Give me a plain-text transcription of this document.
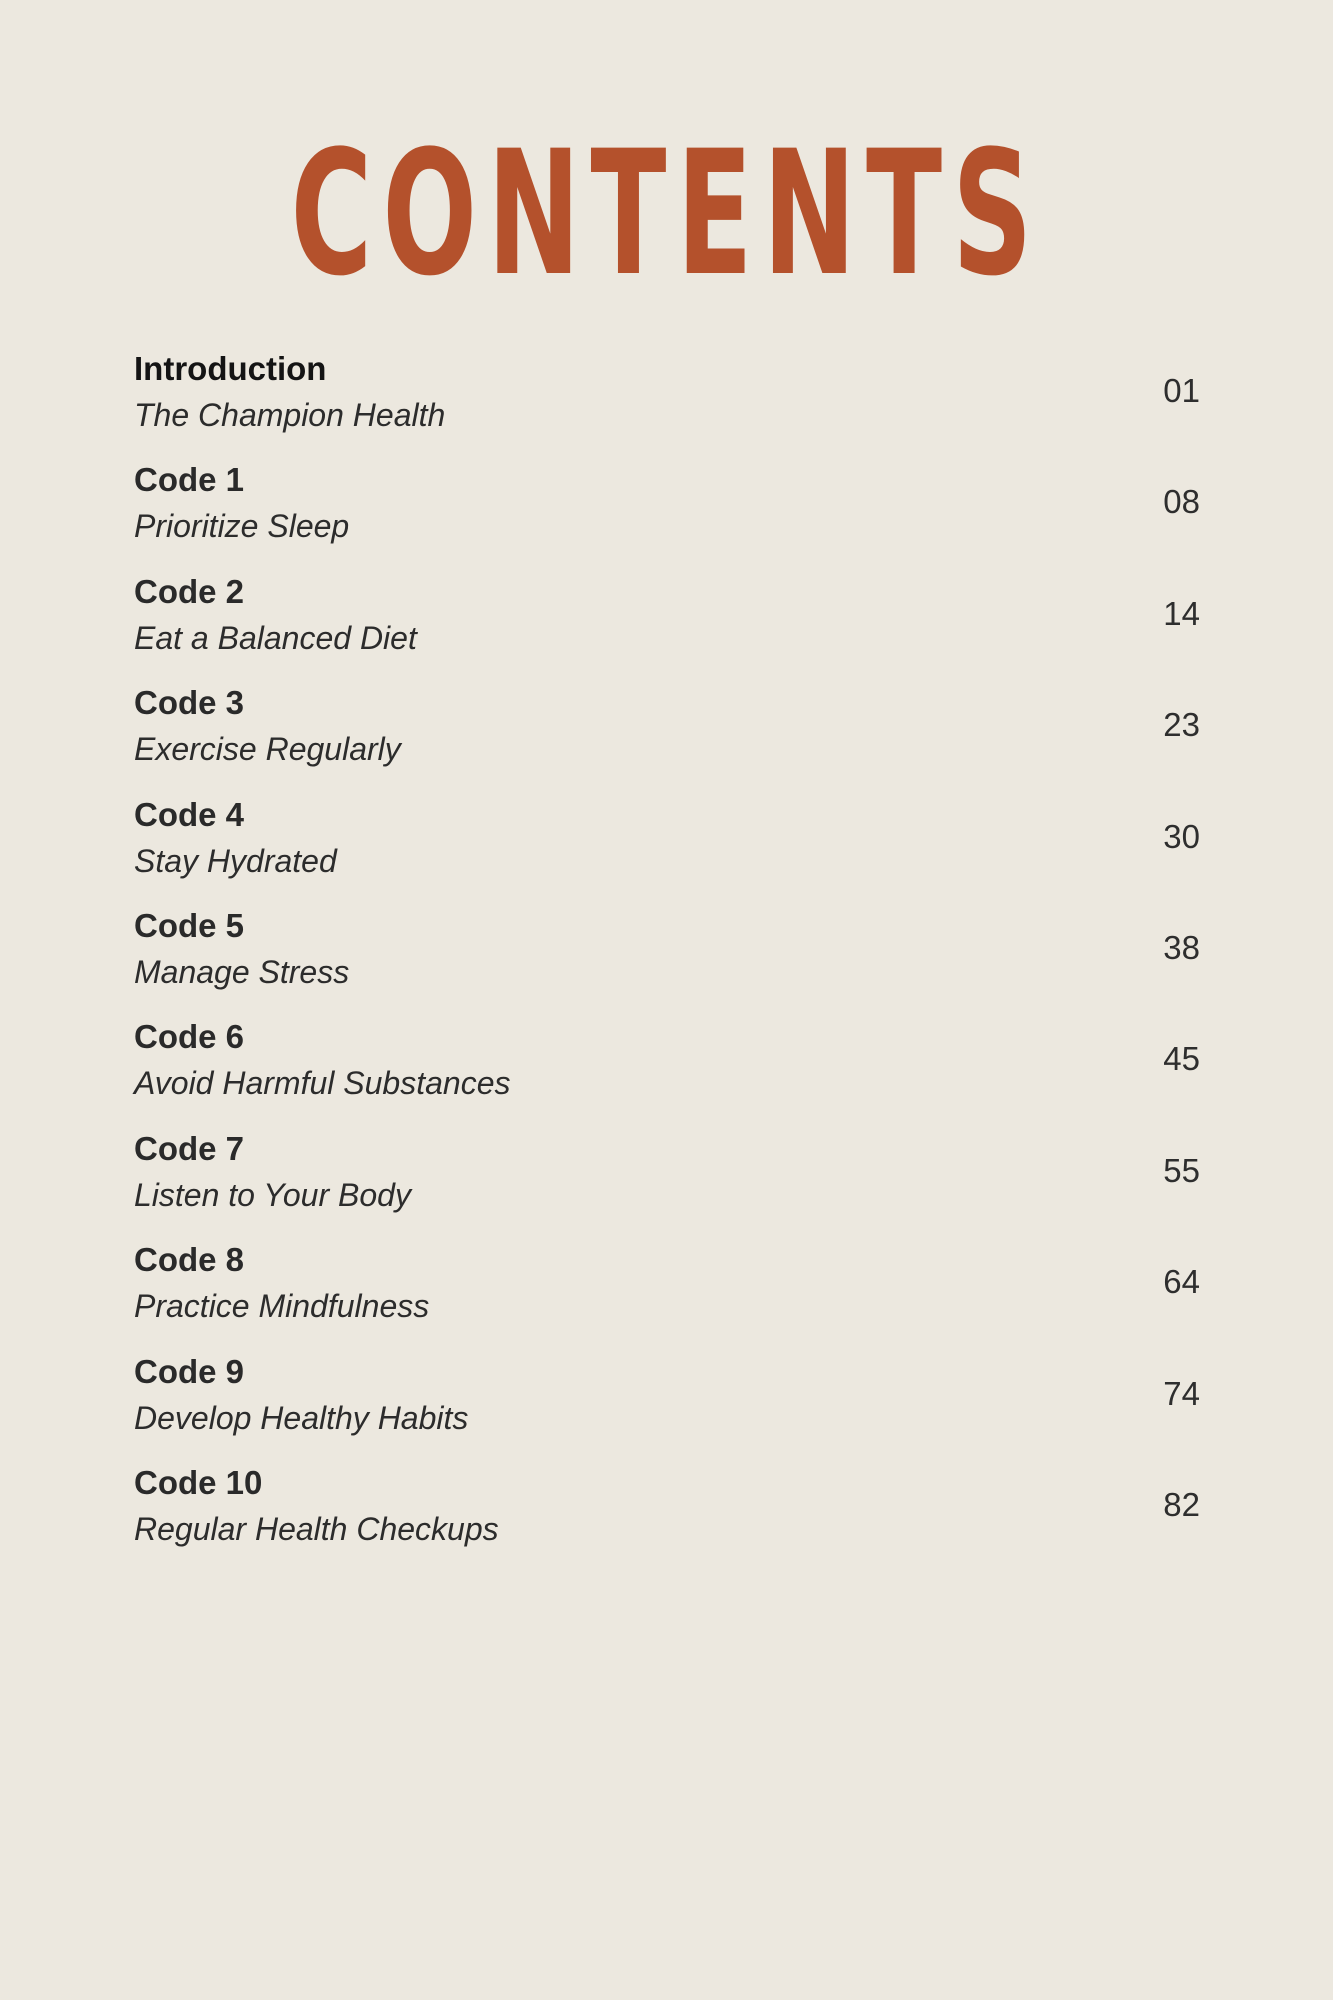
CONTENTS
Introduction
The Champion Health
01
Code 1
Prioritize Sleep
08
Code 2
Eat a Balanced Diet
14
Code 3
Exercise Regularly
23
Code 4
Stay Hydrated
30
Code 5
Manage Stress
38
Code 6
Avoid Harmful Substances
45
Code 7
Listen to Your Body
55
Code 8
Practice Mindfulness
64
Code 9
Develop Healthy Habits
74
Code 10
Regular Health Checkups
82
